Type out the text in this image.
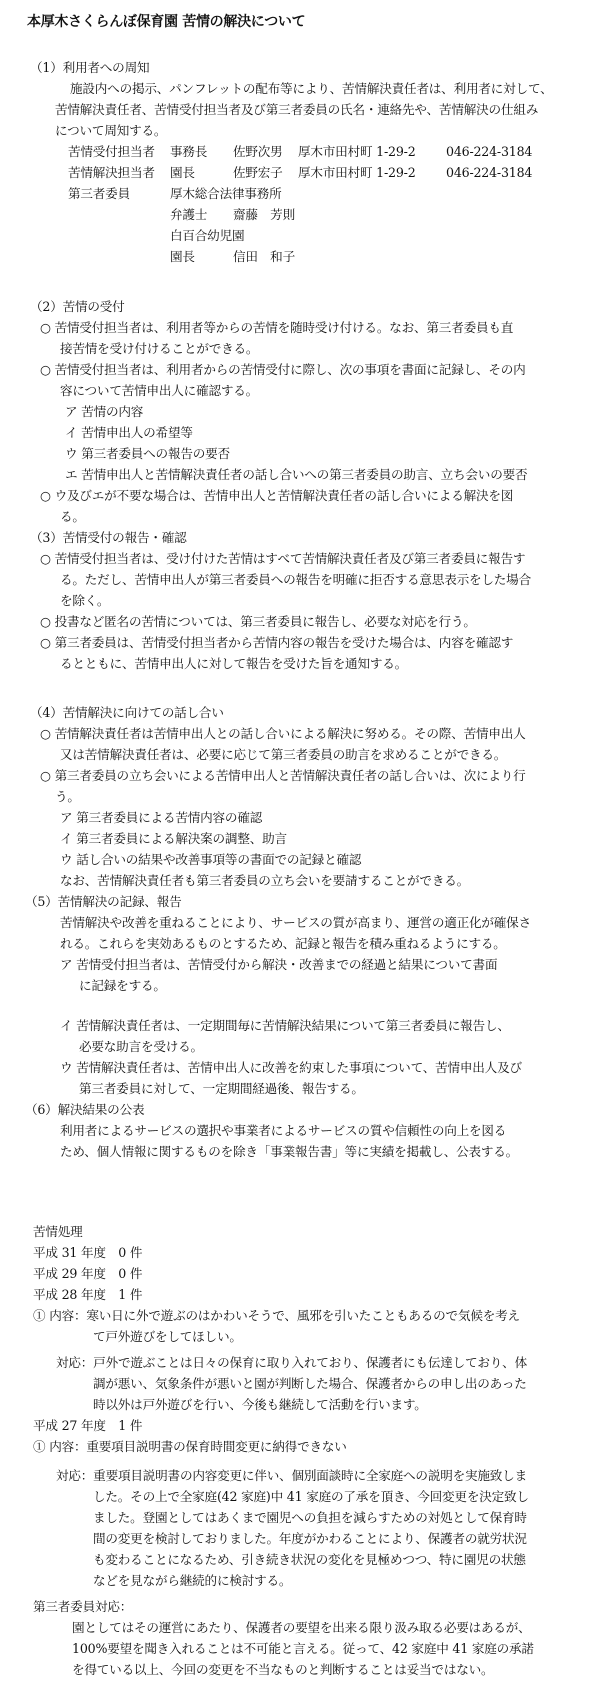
本厚木さくらんぼ保育園 苦情の解決について
（1）利用者への周知
施設内への掲示、パンフレットの配布等により、苦情解決責任者は、利用者に対して、
苦情解決責任者、苦情受付担当者及び第三者委員の氏名・連絡先や、苦情解決の仕組み
について周知する。
苦情受付担当者 事務長 佐野次男 厚木市田村町 1-29-2 046-224-3184
苦情解決担当者 園長	佐野宏子 厚木市田村町 1-29-2 046-224-3184
第三者委員	厚木総合法律事務所
弁護士 齋藤　芳則
白百合幼児園
園長	信田　和子
（2）苦情の受付
○ 苦情受付担当者は、利用者等からの苦情を随時受け付ける。なお、第三者委員も直
接苦情を受け付けることができる。
○ 苦情受付担当者は、利用者からの苦情受付に際し、次の事項を書面に記録し、その内
容について苦情申出人に確認する。
ア 苦情の内容
イ 苦情申出人の希望等
ウ 第三者委員への報告の要否
エ 苦情申出人と苦情解決責任者の話し合いへの第三者委員の助言、立ち会いの要否
○ ウ及びエが不要な場合は、苦情申出人と苦情解決責任者の話し合いによる解決を図
る。
（3）苦情受付の報告・確認
○ 苦情受付担当者は、受け付けた苦情はすべて苦情解決責任者及び第三者委員に報告す
る。ただし、苦情申出人が第三者委員への報告を明確に拒否する意思表示をした場合
を除く。
○ 投書など匿名の苦情については、第三者委員に報告し、必要な対応を行う。
○ 第三者委員は、苦情受付担当者から苦情内容の報告を受けた場合は、内容を確認す
るとともに、苦情申出人に対して報告を受けた旨を通知する。
（4）苦情解決に向けての話し合い
○ 苦情解決責任者は苦情申出人との話し合いによる解決に努める。その際、苦情申出人
又は苦情解決責任者は、必要に応じて第三者委員の助言を求めることができる。
○ 第三者委員の立ち会いによる苦情申出人と苦情解決責任者の話し合いは、次により行
う。
ア 第三者委員による苦情内容の確認
イ 第三者委員による解決案の調整、助言
ウ 話し合いの結果や改善事項等の書面での記録と確認
なお、苦情解決責任者も第三者委員の立ち会いを要請することができる。
（5）苦情解決の記録、報告
苦情解決や改善を重ねることにより、サービスの質が高まり、運営の適正化が確保さ
れる。これらを実効あるものとするため、記録と報告を積み重ねるようにする。
ア 苦情受付担当者は、苦情受付から解決・改善までの経過と結果について書面
に記録をする。
イ 苦情解決責任者は、一定期間毎に苦情解決結果について第三者委員に報告し、
必要な助言を受ける。
ウ 苦情解決責任者は、苦情申出人に改善を約束した事項について、苦情申出人及び
第三者委員に対して、一定期間経過後、報告する。
（6）解決結果の公表
利用者によるサービスの選択や事業者によるサービスの質や信頼性の向上を図る
ため、個人情報に関するものを除き「事業報告書」等に実績を掲載し、公表する。
苦情処理
平成 31 年度　0 件
平成 29 年度　0 件
平成 28 年度　1 件
① 内容：寒い日に外で遊ぶのはかわいそうで、風邪を引いたこともあるので気候を考え
て戸外遊びをしてほしい。
対応：戸外で遊ぶことは日々の保育に取り入れており、保護者にも伝達しており、体
調が悪い、気象条件が悪いと園が判断した場合、保護者からの申し出のあった
時以外は戸外遊びを行い、今後も継続して活動を行います。
平成 27 年度　1 件
① 内容：重要項目説明書の保育時間変更に納得できない
対応：重要項目説明書の内容変更に伴い、個別面談時に全家庭への説明を実施致しま
した。その上で全家庭(42 家庭)中 41 家庭の了承を頂き、今回変更を決定致し
ました。登園としてはあくまで園児への負担を減らすための対処として保育時
間の変更を検討しておりました。年度がかわることにより、保護者の就労状況
も変わることになるため、引き続き状況の変化を見極めつつ、特に園児の状態
などを見ながら継続的に検討する。
第三者委員対応：
園としてはその運営にあたり、保護者の要望を出来る限り汲み取る必要はあるが、
100%要望を聞き入れることは不可能と言える。従って、42 家庭中 41 家庭の承諾
を得ている以上、今回の変更を不当なものと判断することは妥当ではない。
